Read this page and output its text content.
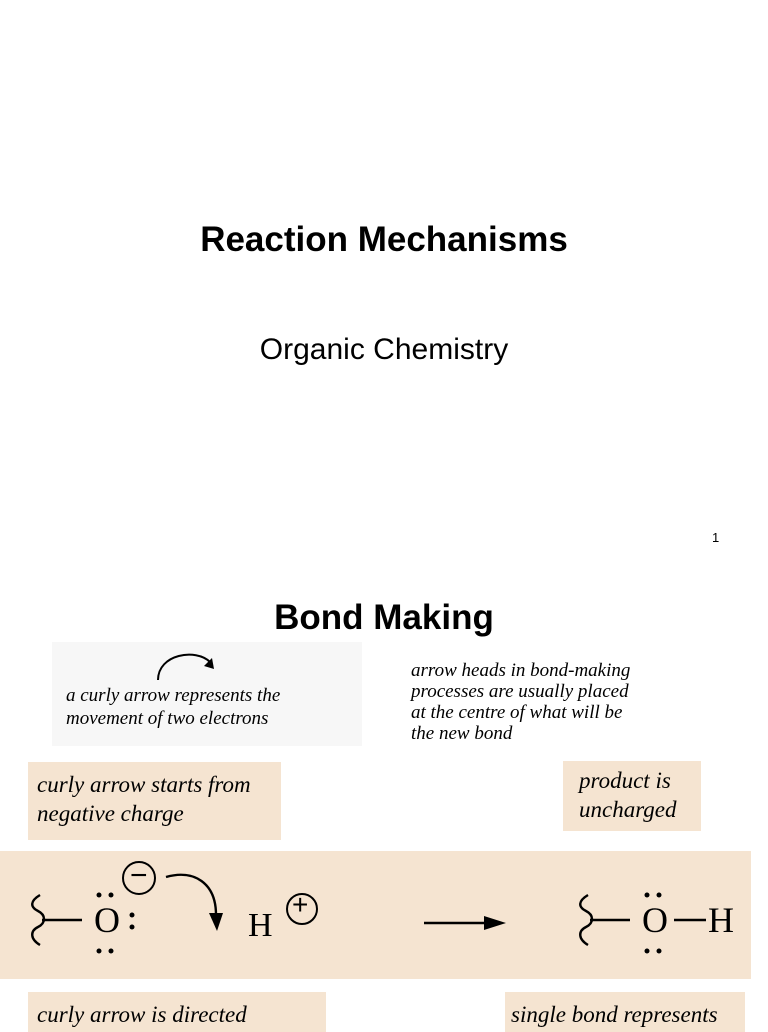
Reaction Mechanisms
Organic Chemistry
1
Bond Making
a curly arrow represents the
movement of two electrons
arrow heads in bond-making
processes are usually placed
at the centre of what will be
the new bond
curly arrow starts from
negative charge
product is
uncharged
O
−
H
+	O H
curly arrow is directed	single bond represents
